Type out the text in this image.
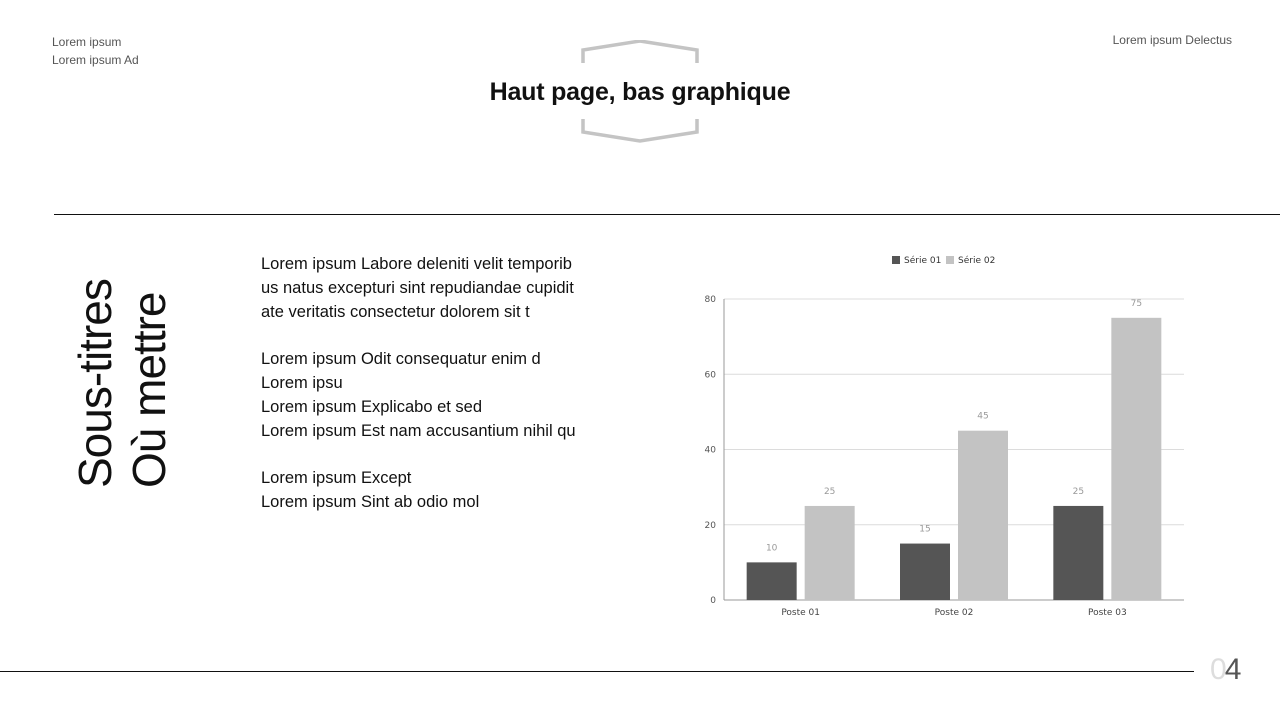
Lorem ipsum
Lorem ipsum Ad
Lorem ipsum Delectus
Haut page, bas graphique
Sous-titres Où mettre
Lorem ipsum Labore deleniti velit temporib
us natus excepturi sint repudiandae cupidit
ate veritatis consectetur dolorem sit t
Lorem ipsum Odit consequatur enim d
Lorem ipsu
Lorem ipsum Explicabo et sed
Lorem ipsum Est nam accusantium nihil qu
Lorem ipsum Except
Lorem ipsum Sint ab odio mol
0
20
40
60
80
10
25
Poste 01
15
45
Poste 02
25
75
Poste 03
Série 01 Série 02
04
